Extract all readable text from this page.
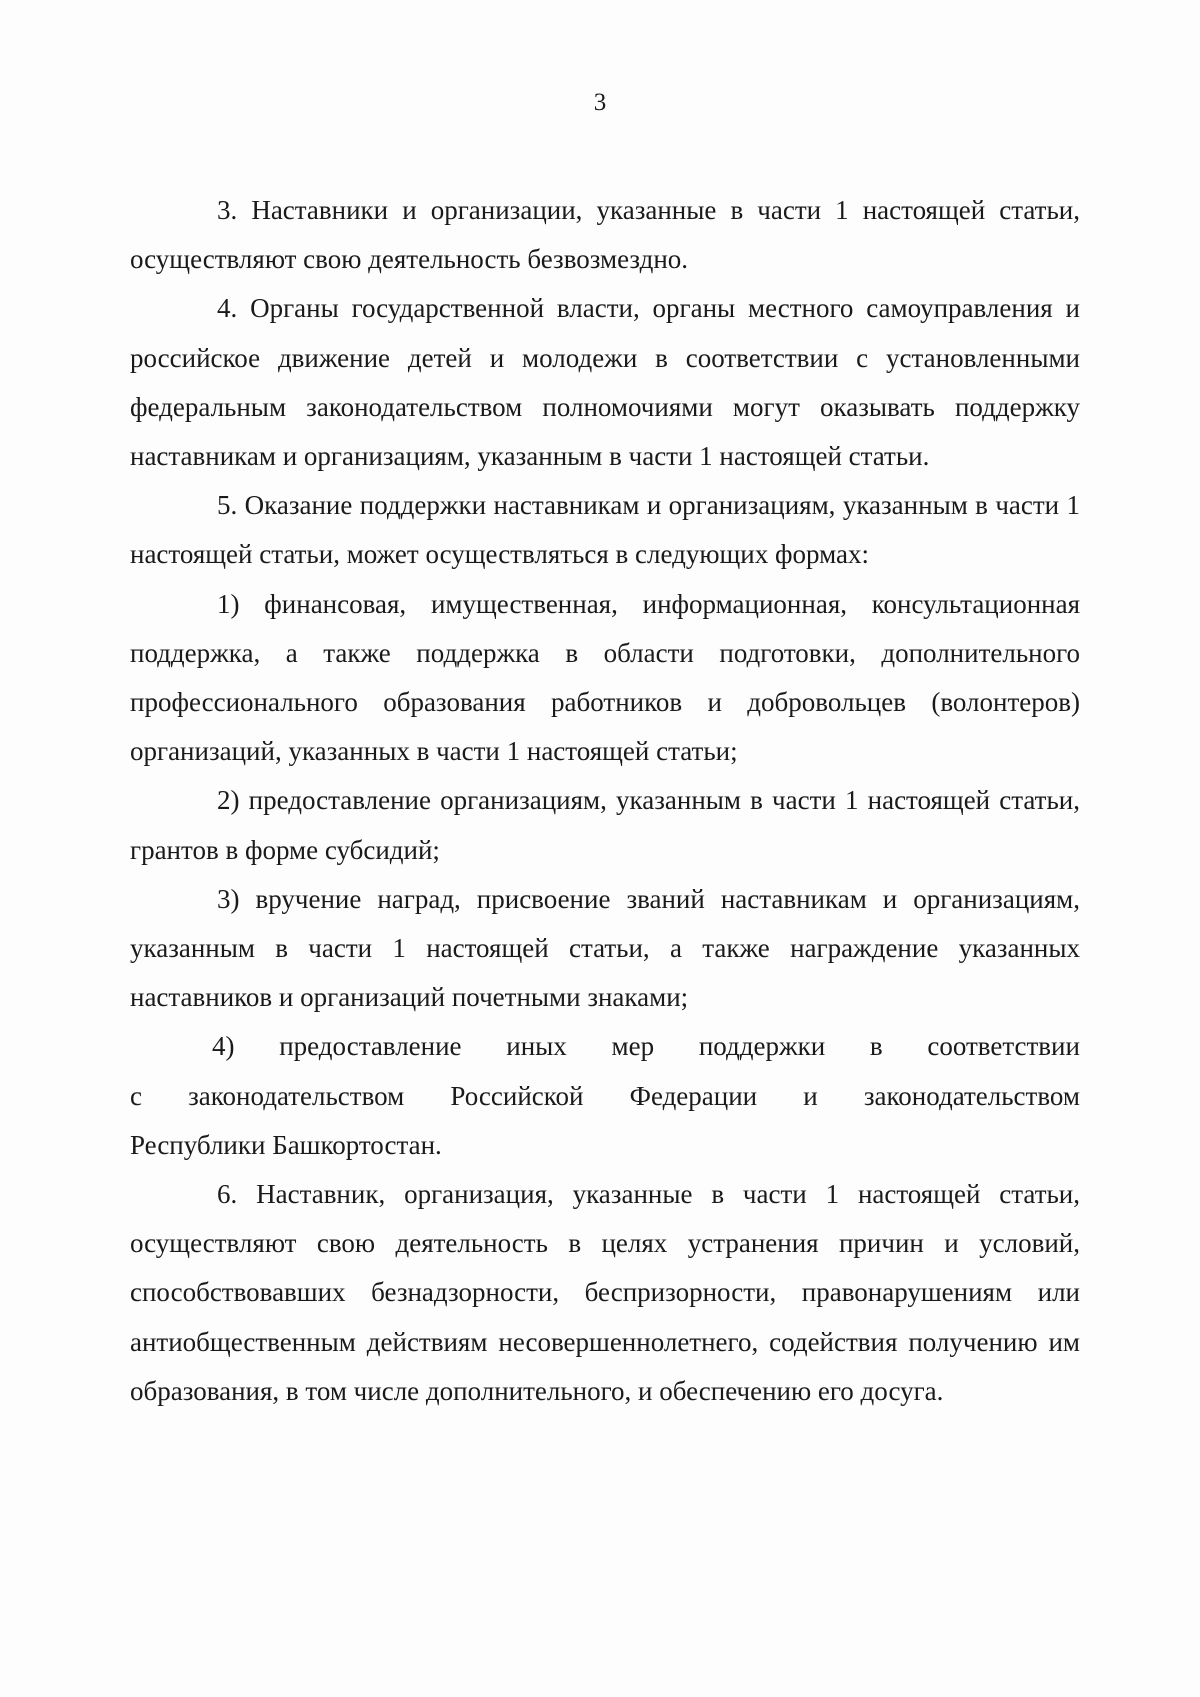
3

3. Наставники и организации, указанные в части 1 настоящей статьи, осуществляют свою деятельность безвозмездно.

4. Органы государственной власти, органы местного самоуправления и российское движение детей и молодежи в соответствии с установленными федеральным законодательством полномочиями могут оказывать поддержку наставникам и организациям, указанным в части 1 настоящей статьи.

5. Оказание поддержки наставникам и организациям, указанным в части 1 настоящей статьи, может осуществляться в следующих формах:

1) финансовая, имущественная, информационная, консультационная поддержка, а также поддержка в области подготовки, дополнительного профессионального образования работников и добровольцев (волонтеров) организаций, указанных в части 1 настоящей статьи;

2) предоставление организациям, указанным в части 1 настоящей статьи, грантов в форме субсидий;

3) вручение наград, присвоение званий наставникам и организациям, указанным в части 1 настоящей статьи, а также награждение указанных наставников и организаций почетными знаками;

4) предоставление иных мер поддержки в соответствии
с законодательством Российской Федерации и законодательством

Республики Башкортостан.

6. Наставник, организация, указанные в части 1 настоящей статьи, осуществляют свою деятельность в целях устранения причин и условий, способствовавших безнадзорности, беспризорности, правонарушениям или антиобщественным действиям несовершеннолетнего, содействия получению им образования, в том числе дополнительного, и обеспечению его досуга.
